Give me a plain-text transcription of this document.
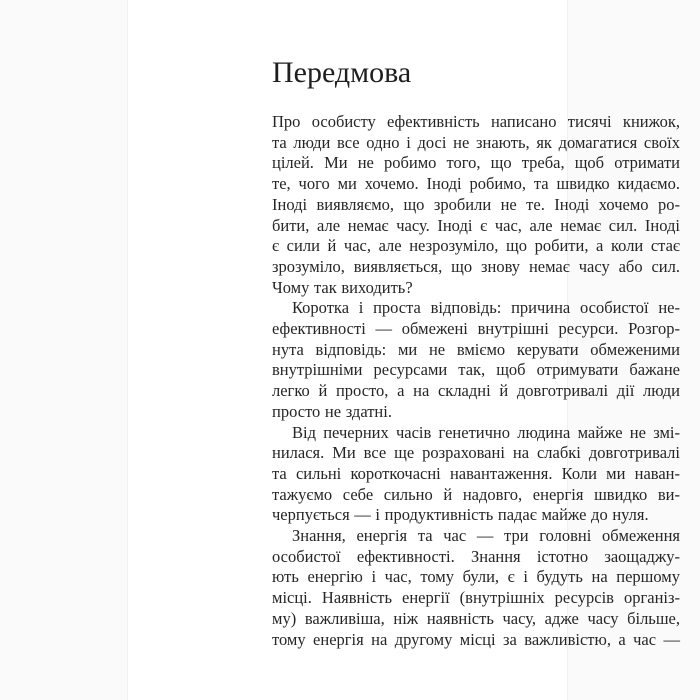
Передмова
Про особисту ефективність написано тисячі книжок,
та люди все одно і досі не знають, як домагатися своїх
цілей. Ми не робимо того, що треба, щоб отримати
те, чого ми хочемо. Іноді робимо, та швидко кидаємо.
Іноді виявляємо, що зробили не те. Іноді хочемо ро-
бити, але немає часу. Іноді є час, але немає сил. Іноді
є сили й час, але незрозуміло, що робити, а коли стає
зрозуміло, виявляється, що знову немає часу або сил.
Чому так виходить?
Коротка і проста відповідь: причина особистої не-
ефективності — обмежені внутрішні ресурси. Розгор-
нута відповідь: ми не вміємо керувати обмеженими
внутрішніми ресурсами так, щоб отримувати бажане
легко й просто, а на складні й довготривалі дії люди
просто не здатні.
Від печерних часів генетично людина майже не змі-
нилася. Ми все ще розраховані на слабкі довготривалі
та сильні короткочасні навантаження. Коли ми наван-
тажуємо себе сильно й надовго, енергія швидко ви-
черпується — і продуктивність падає майже до нуля.
Знання, енергія та час — три головні обмеження
особистої ефективності. Знання істотно заощаджу-
ють енергію і час, тому були, є і будуть на першому
місці. Наявність енергії (внутрішніх ресурсів організ-
му) важливіша, ніж наявність часу, адже часу більше,
тому енергія на другому місці за важливістю, а час —
